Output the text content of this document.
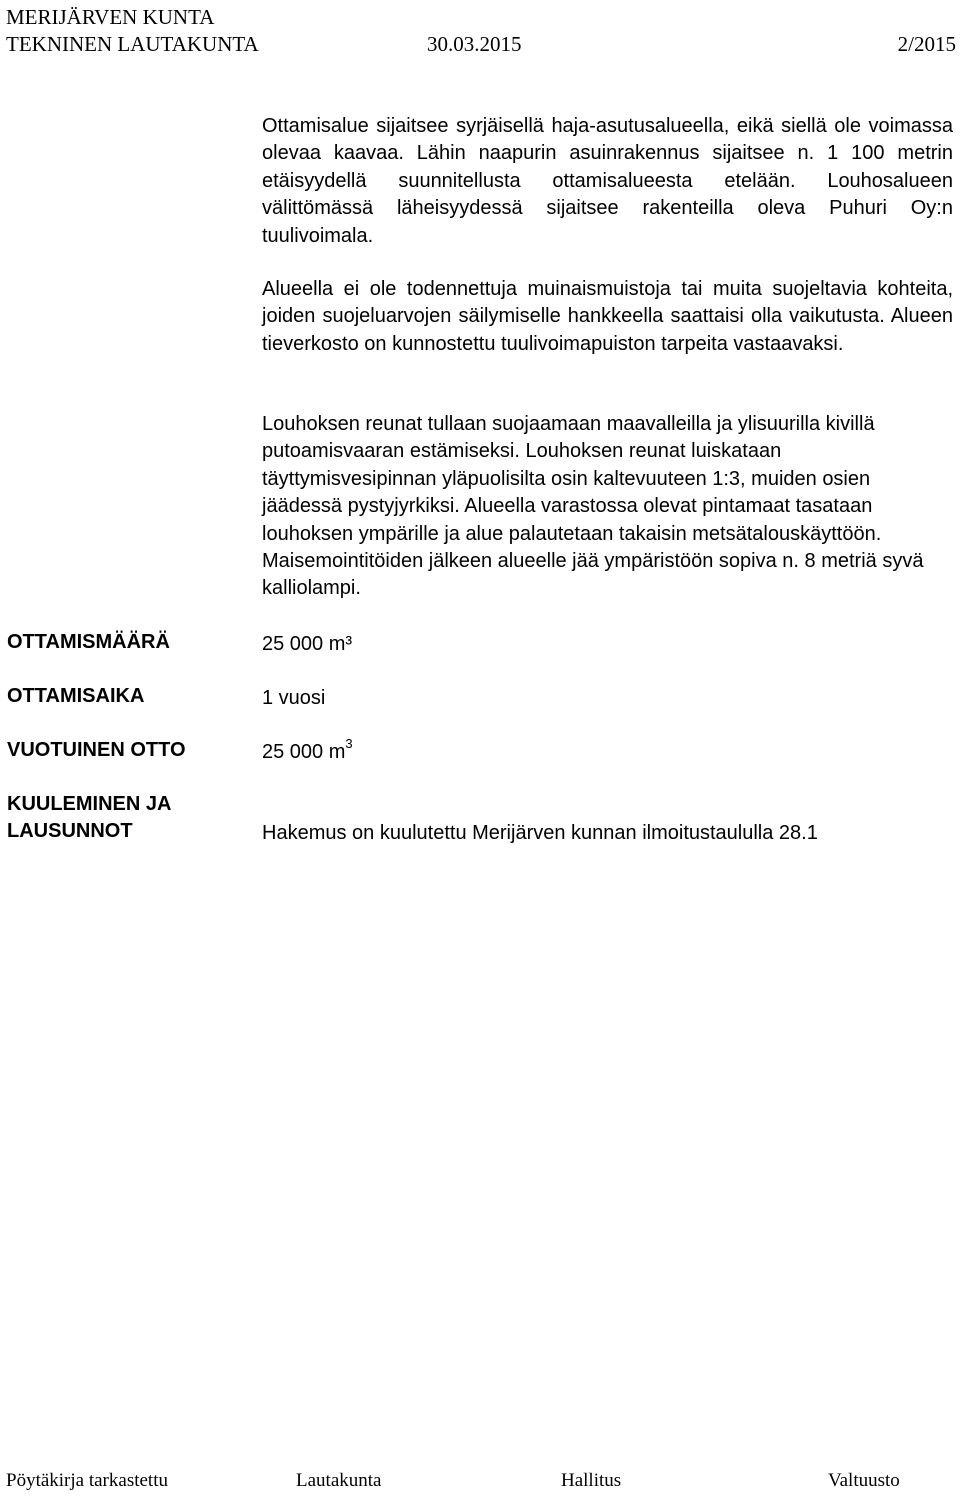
MERIJÄRVEN KUNTA
TEKNINEN LAUTAKUNTA	30.03.2015	2/2015

Ottamisalue sijaitsee syrjäisellä haja-asutusalueella, eikä siellä ole voimassa olevaa kaavaa. Lähin naapurin asuinrakennus sijaitsee n. 1 100 metrin etäisyydellä suunnitellusta ottamisalueesta etelään. Louhosalueen välittömässä läheisyydessä sijaitsee rakenteilla oleva Puhuri Oy:n tuulivoimala.

Alueella ei ole todennettuja muinaismuistoja tai muita suojeltavia kohteita, joiden suojeluarvojen säilymiselle hankkeella saattaisi olla vaikutusta. Alueen tieverkosto on kunnostettu tuulivoimapuiston tarpeita vastaavaksi.

Louhoksen reunat tullaan suojaamaan maavalleilla ja ylisuurilla kivillä putoamisvaaran estämiseksi. Louhoksen reunat luiskataan täyttymisvesipinnan yläpuolisilta osin kaltevuuteen 1:3, muiden osien jäädessä pystyjyrkiksi. Alueella varastossa olevat pintamaat tasataan louhoksen ympärille ja alue palautetaan takaisin metsätalouskäyttöön. Maisemointitöiden jälkeen alueelle jää ympäristöön sopiva n. 8 metriä syvä kalliolampi.

OTTAMISMÄÄRÄ	25 000 m³
OTTAMISAIKA	1 vuosi
VUOTUINEN OTTO	25 000 $m^3$
KUULEMINEN JA
LAUSUNNOT	Hakemus on kuulutettu Merijärven kunnan ilmoitustaululla 28.1
Pöytäkirja tarkastettu	Lautakunta	Hallitus	Valtuusto
